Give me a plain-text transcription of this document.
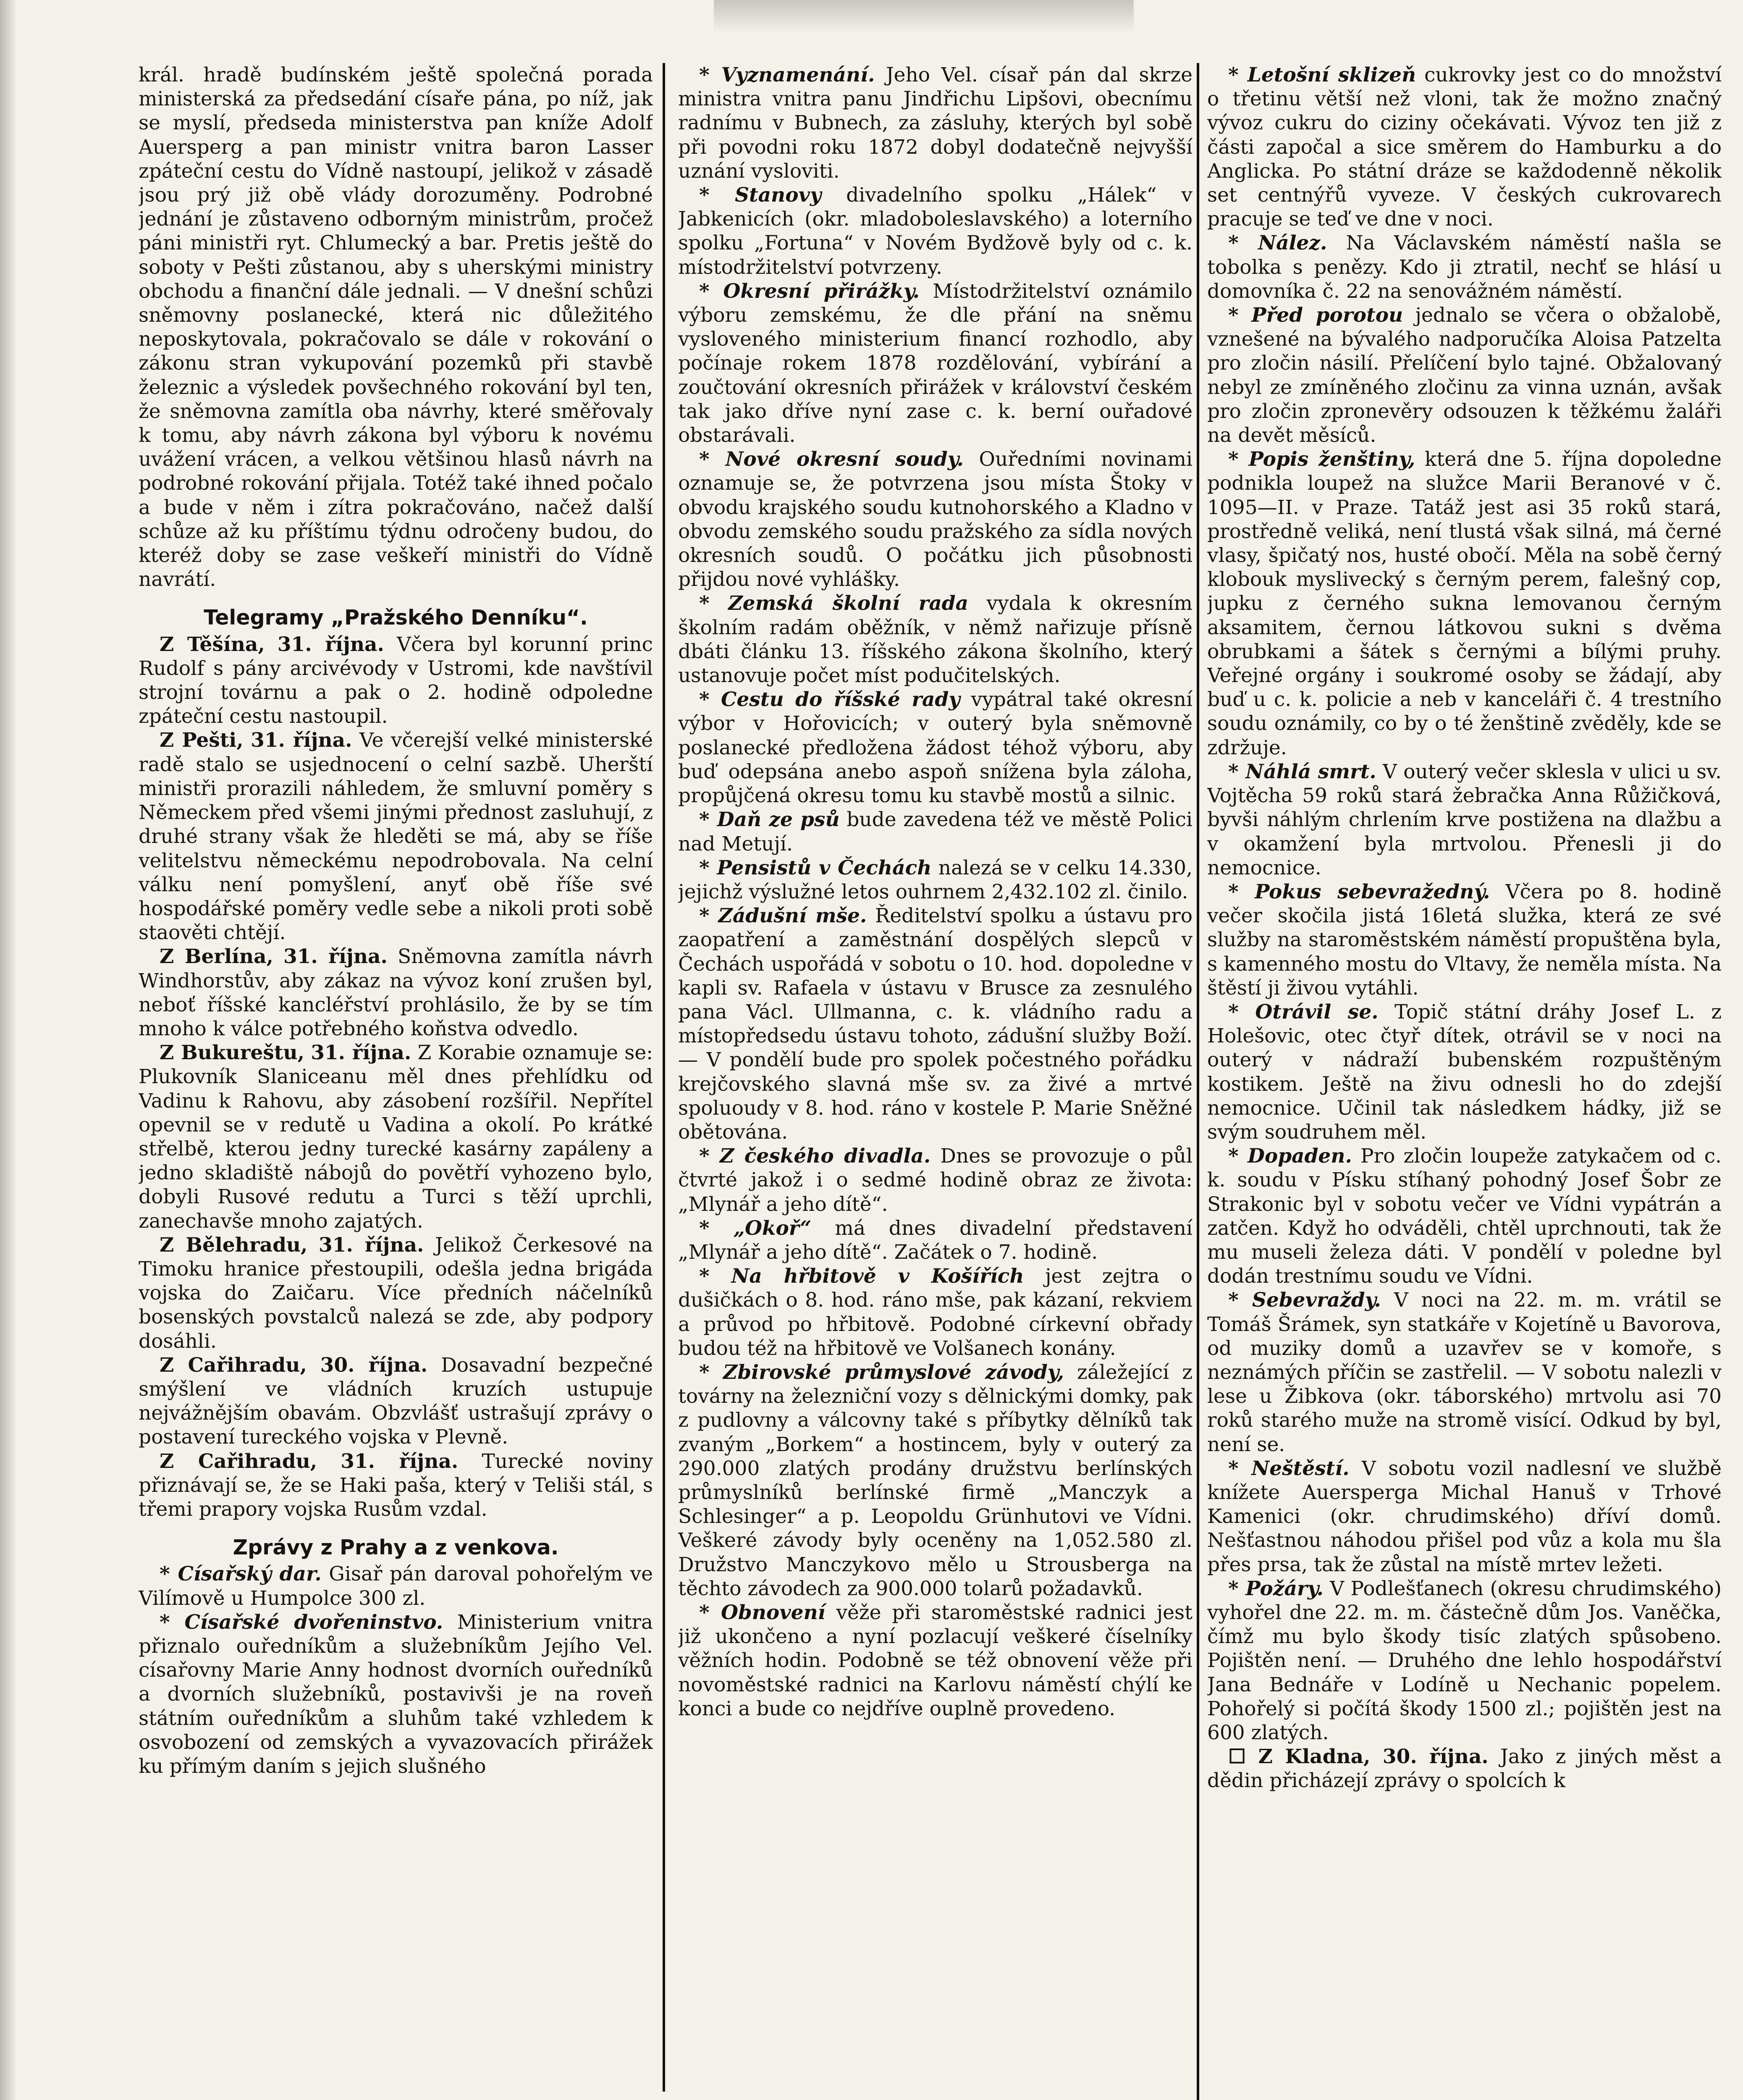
král. hradě budínském ještě společná porada ministerská za předsedání císaře pána, po níž, jak se myslí, předseda ministerstva pan kníže Adolf Auersperg a pan ministr vnitra baron Lasser zpáteční cestu do Vídně nastoupí, jelikož v zásadě jsou prý již obě vlády dorozuměny. Podrobné jednání je zůstaveno odborným ministrům, pročež páni ministři ryt. Chlumecký a bar. Pretis ještě do soboty v Pešti zůstanou, aby s uherskými ministry obchodu a finanční dále jednali. — V dnešní schůzi sněmovny poslanecké, která nic důležitého neposkytovala, pokračovalo se dále v rokování o zákonu stran vykupování pozemků při stavbě železnic a výsledek povšechného rokování byl ten, že sněmovna zamítla oba návrhy, které směřovaly k tomu, aby návrh zákona byl výboru k novému uvážení vrácen, a velkou většinou hlasů návrh na podrobné rokování přijala. Totéž také ihned počalo a bude v něm i zítra pokračováno, načež další schůze až ku příštímu týdnu odročeny budou, do kteréž doby se zase veškeří ministři do Vídně navrátí.

Telegramy „Pražského Denníku“.

Z Těšína, 31. října. Včera byl korunní princ Rudolf s pány arcivévody v Ustromi, kde navštívil strojní továrnu a pak o 2. hodině odpoledne zpáteční cestu nastoupil.

Z Pešti, 31. října. Ve včerejší velké ministerské radě stalo se usjednocení o celní sazbě. Uherští ministři prorazili náhledem, že smluvní poměry s Německem před všemi jinými přednost zasluhují, z druhé strany však že hleděti se má, aby se říše velitelstvu německému nepodrobovala. Na celní válku není pomyšlení, anyť obě říše své hospodářské poměry vedle sebe a nikoli proti sobě staověti chtějí.

Z Berlína, 31. října. Sněmovna zamítla návrh Windhorstův, aby zákaz na vývoz koní zrušen byl, neboť říšské kancléřství prohlásilo, že by se tím mnoho k válce potřebného koňstva odvedlo.

Z Bukureštu, 31. října. Z Korabie oznamuje se: Plukovník Slaniceanu měl dnes přehlídku od Vadinu k Rahovu, aby zásobení rozšířil. Nepřítel opevnil se v redutě u Vadina a okolí. Po krátké střelbě, kterou jedny turecké kasárny zapáleny a jedno skladiště nábojů do povětří vyhozeno bylo, dobyli Rusové redutu a Turci s těží uprchli, zanechavše mnoho zajatých.

Z Bělehradu, 31. října. Jelikož Čerkesové na Timoku hranice přestoupili, odešla jedna brigáda vojska do Zaičaru. Více předních náčelníků bosenských povstalců nalezá se zde, aby podpory dosáhli.

Z Cařihradu, 30. října. Dosavadní bezpečné smýšlení ve vládních kruzích ustupuje nejvážnějším obavám. Obzvlášť ustrašují zprávy o postavení tureckého vojska v Plevně.

Z Cařihradu, 31. října. Turecké noviny přiznávají se, že se Haki paša, který v Teliši stál, s třemi prapory vojska Rusům vzdal.

Zprávy z Prahy a z venkova.

* Císařský dar. Gisař pán daroval pohořelým ve Vilímově u Humpolce 300 zl.

* Císařské dvořeninstvo. Ministerium vnitra přiznalo ouředníkům a služebníkům Jejího Vel. císařovny Marie Anny hodnost dvorních ouředníků a dvorních služebníků, postavivši je na roveň státním ouředníkům a sluhům také vzhledem k osvobození od zemských a vyvazovacích přirážek ku přímým daním s jejich slušného

* Vyznamenání. Jeho Vel. císař pán dal skrze ministra vnitra panu Jindřichu Lipšovi, obecnímu radnímu v Bubnech, za zásluhy, kterých byl sobě při povodni roku 1872 dobyl dodatečně nejvyšší uznání vysloviti.

* Stanovy divadelního spolku „Hálek“ v Jabkenicích (okr. mladoboleslavského) a loterního spolku „Fortuna“ v Novém Bydžově byly od c. k. místodržitelství potvrzeny.

* Okresní přirážky. Místodržitelství oznámilo výboru zemskému, že dle přání na sněmu vysloveného ministerium financí rozhodlo, aby počínaje rokem 1878 rozdělování, vybírání a zoučtování okresních přirážek v království českém tak jako dříve nyní zase c. k. berní ouřadové obstarávali.

* Nové okresní soudy. Ouředními novinami oznamuje se, že potvrzena jsou místa Štoky v obvodu krajského soudu kutnohorského a Kladno v obvodu zemského soudu pražského za sídla nových okresních soudů. O počátku jich působnosti přijdou nové vyhlášky.

* Zemská školní rada vydala k okresním školním radám oběžník, v němž nařizuje přísně dbáti článku 13. říšského zákona školního, který ustanovuje počet míst podučitelských.

* Cestu do říšské rady vypátral také okresní výbor v Hořovicích; v outerý byla sněmovně poslanecké předložena žádost téhož výboru, aby buď odepsána anebo aspoň snížena byla záloha, propůjčená okresu tomu ku stavbě mostů a silnic.

* Daň ze psů bude zavedena též ve městě Polici nad Metují.

* Pensistů v Čechách nalezá se v celku 14.330, jejichž výslužné letos ouhrnem 2,432.102 zl. činilo.

* Zádušní mše. Ředitelství spolku a ústavu pro zaopatření a zaměstnání dospělých slepců v Čechách uspořádá v sobotu o 10. hod. dopoledne v kapli sv. Rafaela v ústavu v Brusce za zesnulého pana Václ. Ullmanna, c. k. vládního radu a místopředsedu ústavu tohoto, zádušní služby Boží. — V pondělí bude pro spolek počestného pořádku krejčovského slavná mše sv. za živé a mrtvé spoluoudy v 8. hod. ráno v kostele P. Marie Sněžné obětována.

* Z českého divadla. Dnes se provozuje o půl čtvrté jakož i o sedmé hodině obraz ze života: „Mlynář a jeho dítě“.

* „Okoř“ má dnes divadelní představení „Mlynář a jeho dítě“. Začátek o 7. hodině.

* Na hřbitově v Košířích jest zejtra o dušičkách o 8. hod. ráno mše, pak kázaní, rekviem a průvod po hřbitově. Podobné církevní obřady budou též na hřbitově ve Volšanech konány.

* Zbirovské průmyslové závody, záležející z továrny na železniční vozy s dělnickými domky, pak z pudlovny a válcovny také s příbytky dělníků tak zvaným „Borkem“ a hostincem, byly v outerý za 290.000 zlatých prodány družstvu berlínských průmyslníků berlínské firmě „Manczyk a Schlesinger“ a p. Leopoldu Grünhutovi ve Vídni. Veškeré závody byly oceněny na 1,052.580 zl. Družstvo Manczykovo mělo u Strousberga na těchto závodech za 900.000 tolarů požadavků.

* Obnovení věže při staroměstské radnici jest již ukončeno a nyní pozlacují veškeré číselníky věžních hodin. Podobně se též obnovení věže při novoměstské radnici na Karlovu náměstí chýlí ke konci a bude co nejdříve ouplně provedeno.

* Letošní sklizeň cukrovky jest co do množství o třetinu větší než vloni, tak že možno značný vývoz cukru do ciziny očekávati. Vývoz ten již z části započal a sice směrem do Hamburku a do Anglicka. Po státní dráze se každodenně několik set centnýřů vyveze. V českých cukrovarech pracuje se teď ve dne v noci.

* Nález. Na Václavském náměstí našla se tobolka s penězy. Kdo ji ztratil, nechť se hlásí u domovníka č. 22 na senovážném náměstí.

* Před porotou jednalo se včera o obžalobě, vznešené na bývalého nadporučíka Aloisa Patzelta pro zločin násilí. Přelíčení bylo tajné. Obžalovaný nebyl ze zmíněného zločinu za vinna uznán, avšak pro zločin zpronevěry odsouzen k těžkému žaláři na devět měsíců.

* Popis ženštiny, která dne 5. října dopoledne podnikla loupež na služce Marii Beranové v č. 1095—II. v Praze. Tatáž jest asi 35 roků stará, prostředně veliká, není tlustá však silná, má černé vlasy, špičatý nos, husté obočí. Měla na sobě černý klobouk myslivecký s černým perem, falešný cop, jupku z černého sukna lemovanou černým aksamitem, černou látkovou sukni s dvěma obrubkami a šátek s černými a bílými pruhy. Veřejné orgány i soukromé osoby se žádají, aby buď u c. k. policie a neb v kanceláři č. 4 trestního soudu oznámily, co by o té ženštině zvěděly, kde se zdržuje.

* Náhlá smrt. V outerý večer sklesla v ulici u sv. Vojtěcha 59 roků stará žebračka Anna Růžičková, byvši náhlým chrlením krve postižena na dlažbu a v okamžení byla mrtvolou. Přenesli ji do nemocnice.

* Pokus sebevražedný. Včera po 8. hodině večer skočila jistá 16letá služka, která ze své služby na staroměstském náměstí propuštěna byla, s kamenného mostu do Vltavy, že neměla místa. Na štěstí ji živou vytáhli.

* Otrávil se. Topič státní dráhy Josef L. z Holešovic, otec čtyř dítek, otrávil se v noci na outerý v nádraží bubenském rozpuštěným kostikem. Ještě na živu odnesli ho do zdejší nemocnice. Učinil tak následkem hádky, již se svým soudruhem měl.

* Dopaden. Pro zločin loupeže zatykačem od c. k. soudu v Písku stíhaný pohodný Josef Šobr ze Strakonic byl v sobotu večer ve Vídni vypátrán a zatčen. Když ho odváděli, chtěl uprchnouti, tak že mu museli železa dáti. V pondělí v poledne byl dodán trestnímu soudu ve Vídni.

* Sebevraždy. V noci na 22. m. m. vrátil se Tomáš Šrámek, syn statkáře v Kojetíně u Bavorova, od muziky domů a uzavřev se v komoře, s neznámých příčin se zastřelil. — V sobotu nalezli v lese u Žibkova (okr. táborského) mrtvolu asi 70 roků starého muže na stromě visící. Odkud by byl, není se.

* Neštěstí. V sobotu vozil nadlesní ve službě knížete Auersperga Michal Hanuš v Trhové Kamenici (okr. chrudimského) dříví domů. Nešťastnou náhodou přišel pod vůz a kola mu šla přes prsa, tak že zůstal na místě mrtev ležeti.

* Požáry. V Podlešťanech (okresu chrudimského) vyhořel dne 22. m. m. částečně dům Jos. Vaněčka, čímž mu bylo škody tisíc zlatých spůsobeno. Pojištěn není. — Druhého dne lehlo hospodářství Jana Bednáře v Lodíně u Nechanic popelem. Pohořelý si počítá škody 1500 zl.; pojištěn jest na 600 zlatých.

☐ Z Kladna, 30. října. Jako z jiných měst a dědin přicházejí zprávy o spolcích k
